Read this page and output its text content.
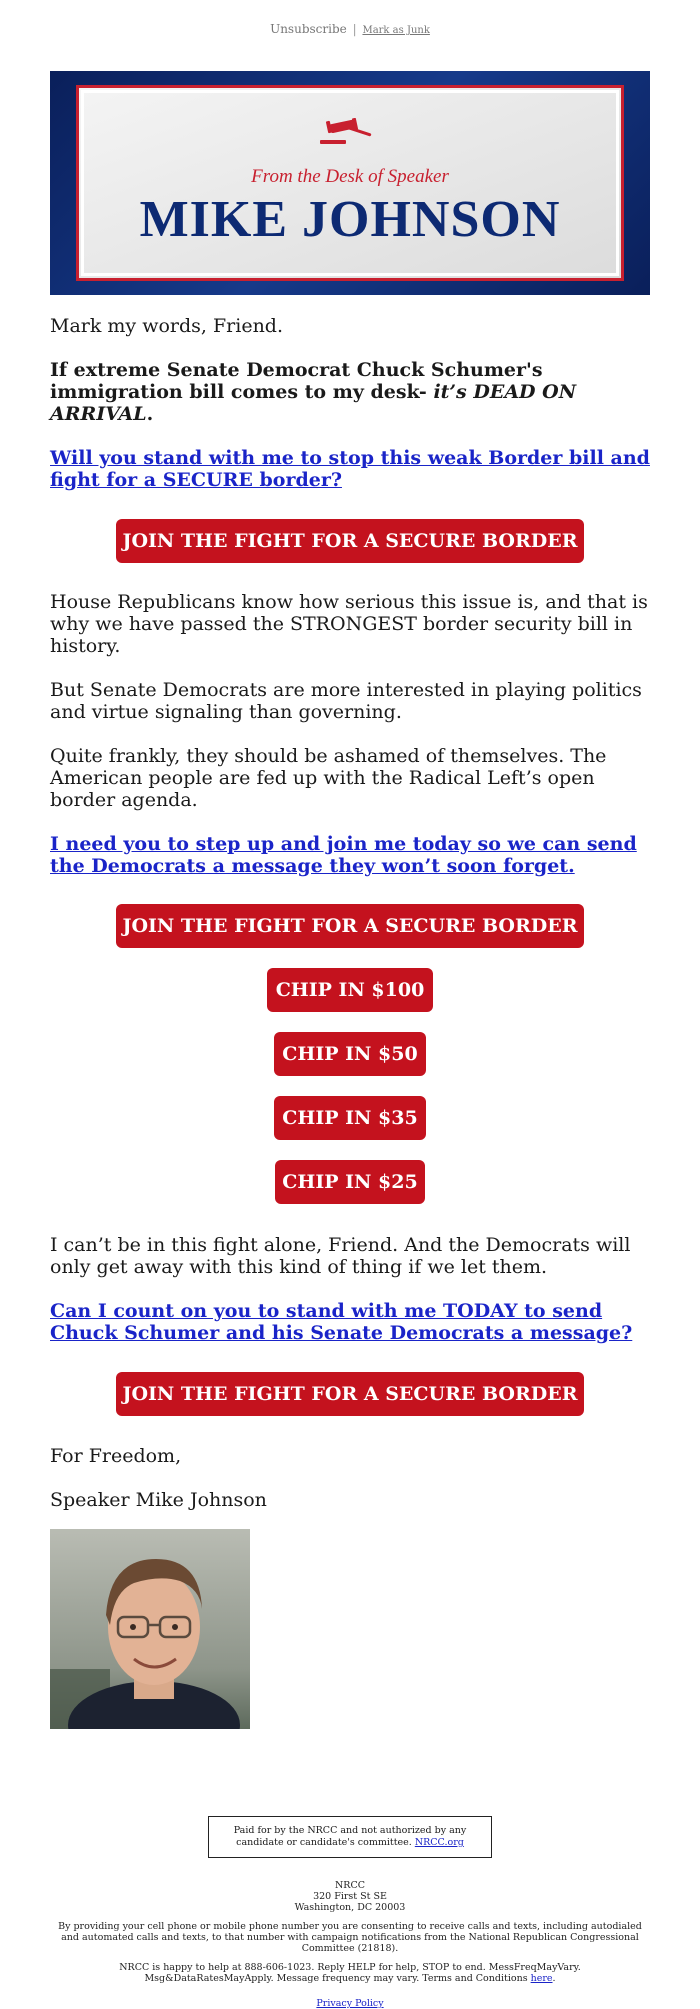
Unsubscribe | Mark as Junk
From the Desk of Speaker
MIKE JOHNSON

Mark my words, Friend.

If extreme Senate Democrat Chuck Schumer's immigration bill comes to my desk- it’s DEAD ON ARRIVAL.

Will you stand with me to stop this weak Border bill and fight for a SECURE border?
JOIN THE FIGHT FOR A SECURE BORDER

House Republicans know how serious this issue is, and that is why we have passed the STRONGEST border security bill in history.

But Senate Democrats are more interested in playing politics and virtue signaling than governing.

Quite frankly, they should be ashamed of themselves. The American people are fed up with the Radical Left’s open border agenda.

I need you to step up and join me today so we can send the Democrats a message they won’t soon forget.
JOIN THE FIGHT FOR A SECURE BORDER
CHIP IN $100
CHIP IN $50
CHIP IN $35
CHIP IN $25

I can’t be in this fight alone, Friend. And the Democrats will only get away with this kind of thing if we let them.

Can I count on you to stand with me TODAY to send Chuck Schumer and his Senate Democrats a message?
JOIN THE FIGHT FOR A SECURE BORDER

For Freedom,

Speaker Mike Johnson

Paid for by the NRCC and not authorized by any candidate or candidate's committee. NRCC.org
NRCC
320 First St SE
Washington, DC 20003
By providing your cell phone or mobile phone number you are consenting to receive calls and texts, including autodialed and automated calls and texts, to that number with campaign notifications from the National Republican Congressional Committee (21818).
NRCC is happy to help at 888-606-1023. Reply HELP for help, STOP to end. MessFreqMayVary. Msg&DataRatesMayApply. Message frequency may vary. Terms and Conditions here.
Privacy Policy
